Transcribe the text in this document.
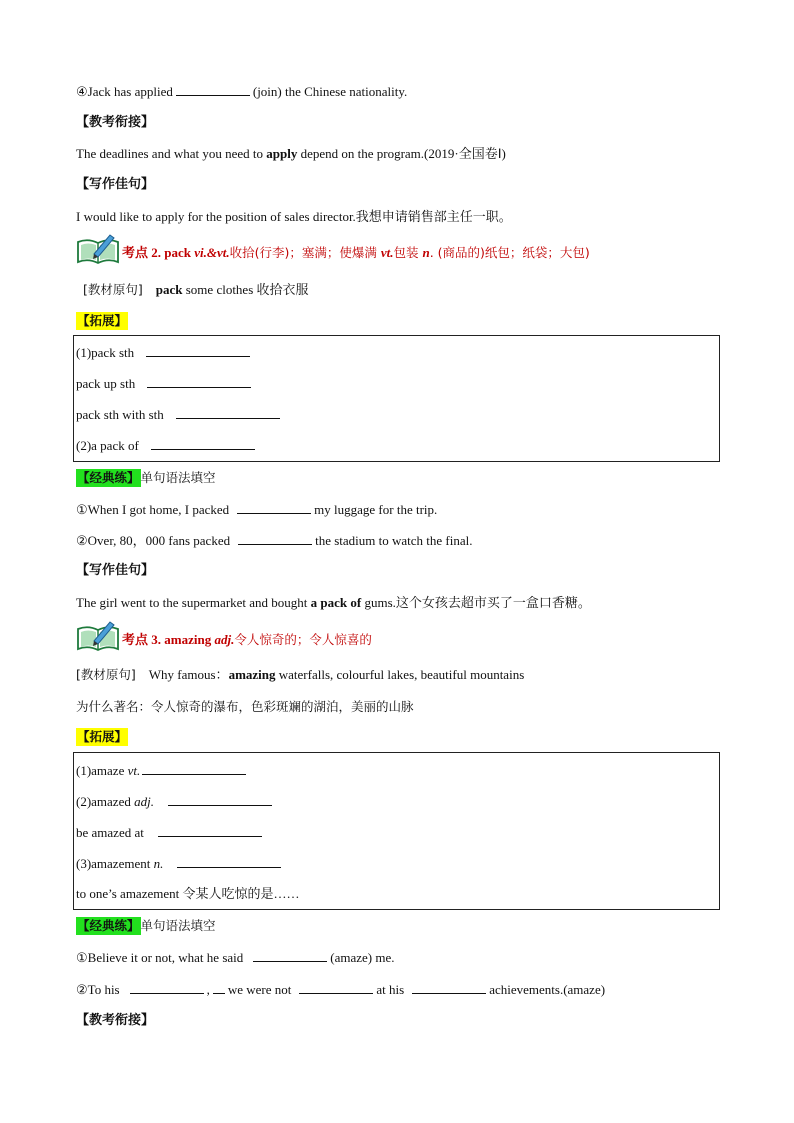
④Jack has applied	(join) the Chinese nationality.
【教考衔接】
The deadlines and what you need to apply depend on the program.(2019·全国卷Ⅰ)
【写作佳句】
I would like to apply for the position of sales director.我想申请销售部主任一职。
考点 2. pack vi.&vt.收拾(行李)；塞满；使爆满 vt.包装 n. (商品的)纸包；纸袋；大包)
[教材原句] pack some clothes 收拾衣服
【拓展】
(1)pack sth
pack up sth
pack sth with sth
(2)a pack of
【经典练】单句语法填空
①When I got home, I packed	my luggage for the trip.
②Over, 80，000 fans packed	the stadium to watch the final.
【写作佳句】
The girl went to the supermarket and bought a pack of gums.这个女孩去超市买了一盒口香糖。
考点 3. amazing adj.令人惊奇的；令人惊喜的
[教材原句] Why famous：amazing waterfalls, colourful lakes, beautiful mountains
为什么著名：令人惊奇的瀑布，色彩斑斓的湖泊，美丽的山脉
【拓展】
(1)amaze vt.
(2)amazed adj.
be amazed at
(3)amazement n.
to one’s amazement 令某人吃惊的是……
【经典练】单句语法填空
①Believe it or not, what he said	(amaze) me.
②To his	, we were not	at his	achievements.(amaze)
【教考衔接】
